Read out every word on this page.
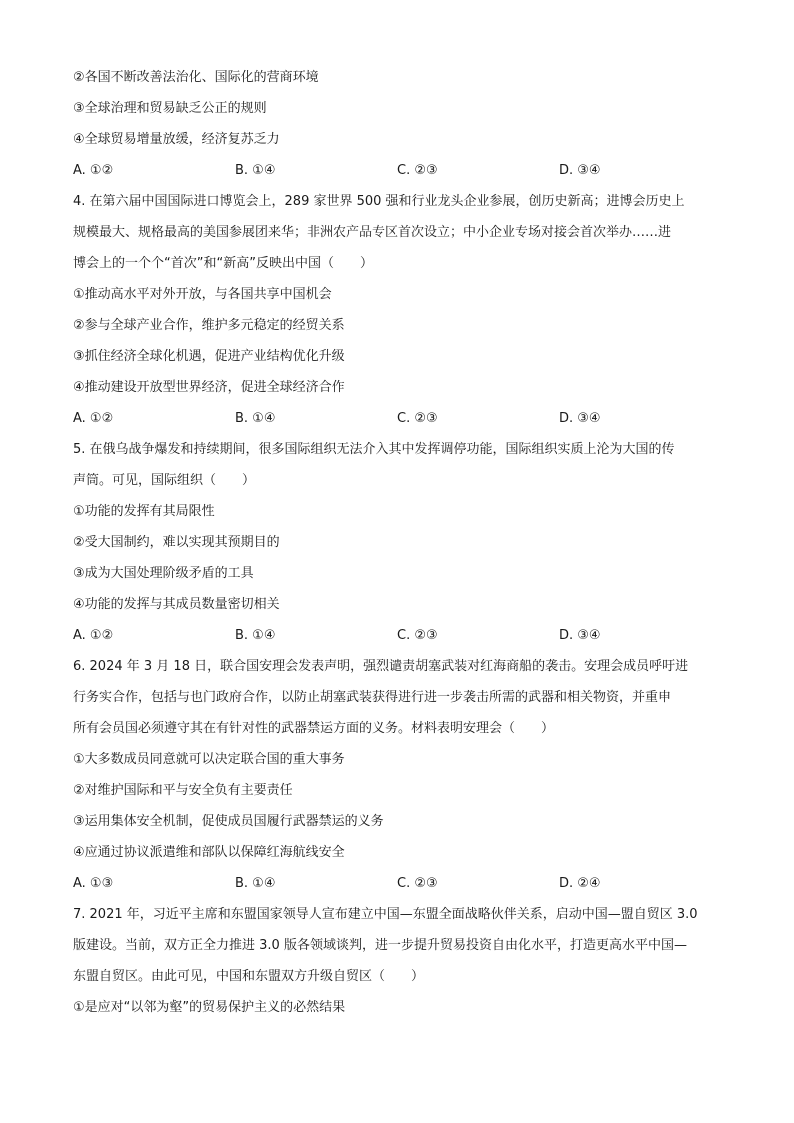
②各国不断改善法治化、国际化的营商环境
③全球治理和贸易缺乏公正的规则
④全球贸易增量放缓，经济复苏乏力
A. ①②	B. ①④	C. ②③	D. ③④
4. 在第六届中国国际进口博览会上，289 家世界 500 强和行业龙头企业参展，创历史新高；进博会历史上
规模最大、规格最高的美国参展团来华；非洲农产品专区首次设立；中小企业专场对接会首次举办……进
博会上的一个个“首次”和“新高”反映出中国（　　）
①推动高水平对外开放，与各国共享中国机会
②参与全球产业合作，维护多元稳定的经贸关系
③抓住经济全球化机遇，促进产业结构优化升级
④推动建设开放型世界经济，促进全球经济合作
A. ①②	B. ①④	C. ②③	D. ③④
5. 在俄乌战争爆发和持续期间，很多国际组织无法介入其中发挥调停功能，国际组织实质上沦为大国的传
声筒。可见，国际组织（　　）
①功能的发挥有其局限性
②受大国制约，难以实现其预期目的
③成为大国处理阶级矛盾的工具
④功能的发挥与其成员数量密切相关
A. ①②	B. ①④	C. ②③	D. ③④
6. 2024 年 3 月 18 日，联合国安理会发表声明，强烈谴责胡塞武装对红海商船的袭击。安理会成员呼吁进
行务实合作，包括与也门政府合作，以防止胡塞武装获得进行进一步袭击所需的武器和相关物资，并重申
所有会员国必须遵守其在有针对性的武器禁运方面的义务。材料表明安理会（　　）
①大多数成员同意就可以决定联合国的重大事务
②对维护国际和平与安全负有主要责任
③运用集体安全机制，促使成员国履行武器禁运的义务
④应通过协议派遣维和部队以保障红海航线安全
A. ①③	B. ①④	C. ②③	D. ②④
7. 2021 年，习近平主席和东盟国家领导人宣布建立中国—东盟全面战略伙伴关系，启动中国—盟自贸区 3.0
版建设。当前，双方正全力推进 3.0 版各领域谈判，进一步提升贸易投资自由化水平，打造更高水平中国—
东盟自贸区。由此可见，中国和东盟双方升级自贸区（　　）
①是应对“以邻为壑”的贸易保护主义的必然结果
